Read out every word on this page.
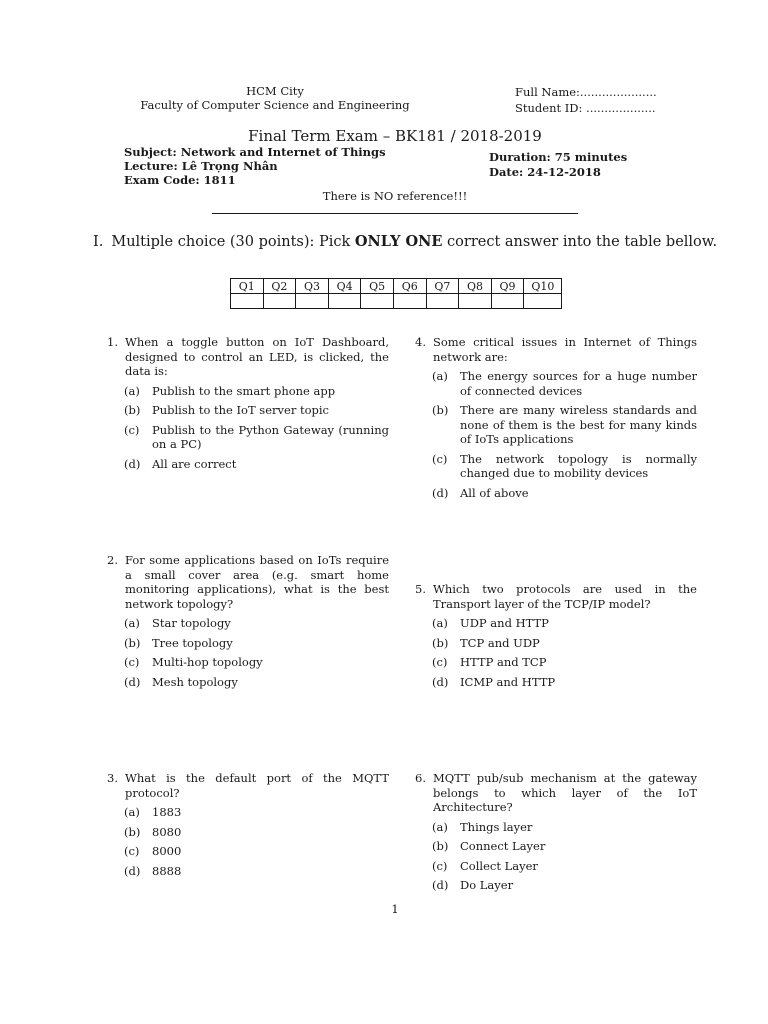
HCM City
Faculty of Computer Science and Engineering
Full Name:.....................
Student ID: ...................
Final Term Exam – BK181 / 2018-2019
Subject: Network and Internet of Things
Lecture: Lê Trọng Nhân
Exam Code: 1811
Duration: 75 minutes
Date: 24-12-2018
There is NO reference!!!
I. Multiple choice (30 points): Pick ONLY ONE correct answer into the table bellow.
Q1	Q2	Q3	Q4	Q5	Q6	Q7	Q8	Q9	Q10

1. When a toggle button on IoT Dashboard, designed to control an LED, is clicked, the data is:
(a)	Publish to the smart phone app
(b)	Publish to the IoT server topic
(c)	Publish to the Python Gateway (running on a PC)
(d)	All are correct
2. For some applications based on IoTs require a small cover area (e.g. smart home monitoring applications), what is the best network topology?
(a)	Star topology
(b)	Tree topology
(c)	Multi-hop topology
(d)	Mesh topology
3. What is the default port of the MQTT protocol?
(a)	1883
(b)	8080
(c)	8000
(d)	8888
4. Some critical issues in Internet of Things network are:
(a)	The energy sources for a huge number of connected devices
(b)	There are many wireless standards and none of them is the best for many kinds of IoTs applications
(c)	The network topology is normally changed due to mobility devices
(d)	All of above
5. Which two protocols are used in the Transport layer of the TCP/IP model?
(a)	UDP and HTTP
(b)	TCP and UDP
(c)	HTTP and TCP
(d)	ICMP and HTTP
6. MQTT pub/sub mechanism at the gateway belongs to which layer of the IoT Architecture?
(a)	Things layer
(b)	Connect Layer
(c)	Collect Layer
(d)	Do Layer
1
